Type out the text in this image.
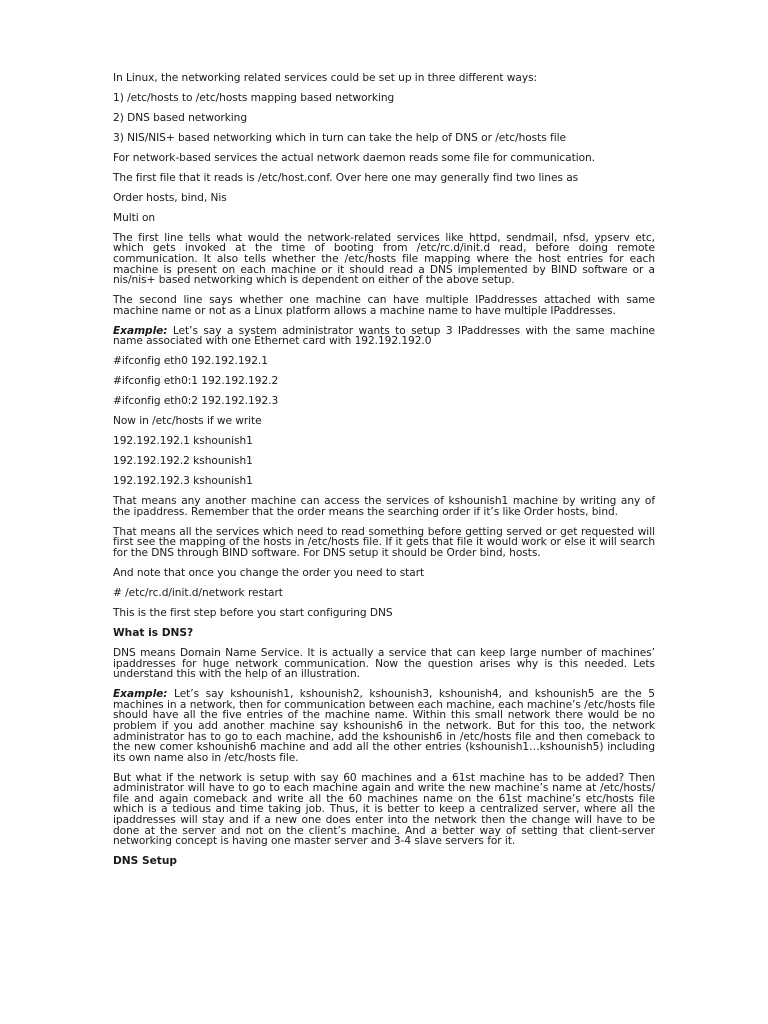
In Linux, the networking related services could be set up in three different ways:

1) /etc/hosts to /etc/hosts mapping based networking

2) DNS based networking

3) NIS/NIS+ based networking which in turn can take the help of DNS or /etc/hosts file

For network-based services the actual network daemon reads some file for communication.

The first file that it reads is /etc/host.conf. Over here one may generally find two lines as

Order hosts, bind, Nis

Multi on

The first line tells what would the network-related services like httpd, sendmail, nfsd, ypserv etc, which gets invoked at the time of booting from /etc/rc.d/init.d read, before doing remote communication. It also tells whether the /etc/hosts file mapping where the host entries for each machine is present on each machine or it should read a DNS implemented by BIND software or a nis/nis+ based networking which is dependent on either of the above setup.

The second line says whether one machine can have multiple IPaddresses attached with same machine name or not as a Linux platform allows a machine name to have multiple IPaddresses.

Example: Let’s say a system administrator wants to setup 3 IPaddresses with the same machine name associated with one Ethernet card with 192.192.192.0

#ifconfig eth0 192.192.192.1

#ifconfig eth0:1 192.192.192.2

#ifconfig eth0:2 192.192.192.3

Now in /etc/hosts if we write

192.192.192.1 kshounish1

192.192.192.2 kshounish1

192.192.192.3 kshounish1

That means any another machine can access the services of kshounish1 machine by writing any of the ipaddress. Remember that the order means the searching order if it’s like Order hosts, bind.

That means all the services which need to read something before getting served or get requested will first see the mapping of the hosts in /etc/hosts file. If it gets that file it would work or else it will search for the DNS through BIND software. For DNS setup it should be Order bind, hosts.

And note that once you change the order you need to start

# /etc/rc.d/init.d/network restart

This is the first step before you start configuring DNS

What is DNS?

DNS means Domain Name Service. It is actually a service that can keep large number of machines’ ipaddresses for huge network communication. Now the question arises why is this needed. Lets understand this with the help of an illustration.

Example: Let’s say kshounish1, kshounish2, kshounish3, kshounish4, and kshounish5 are the 5 machines in a network, then for communication between each machine, each machine’s /etc/hosts file should have all the five entries of the machine name. Within this small network there would be no problem if you add another machine say kshounish6 in the network. But for this too, the network administrator has to go to each machine, add the kshounish6 in /etc/hosts file and then comeback to the new comer kshounish6 machine and add all the other entries (kshounish1…kshounish5) including its own name also in /etc/hosts file.

But what if the network is setup with say 60 machines and a 61st machine has to be added? Then administrator will have to go to each machine again and write the new machine’s name at /etc/hosts/ file and again comeback and write all the 60 machines name on the 61st machine’s etc/hosts file which is a tedious and time taking job. Thus, it is better to keep a centralized server, where all the ipaddresses will stay and if a new one does enter into the network then the change will have to be done at the server and not on the client’s machine. And a better way of setting that client-server networking concept is having one master server and 3-4 slave servers for it.

DNS Setup
